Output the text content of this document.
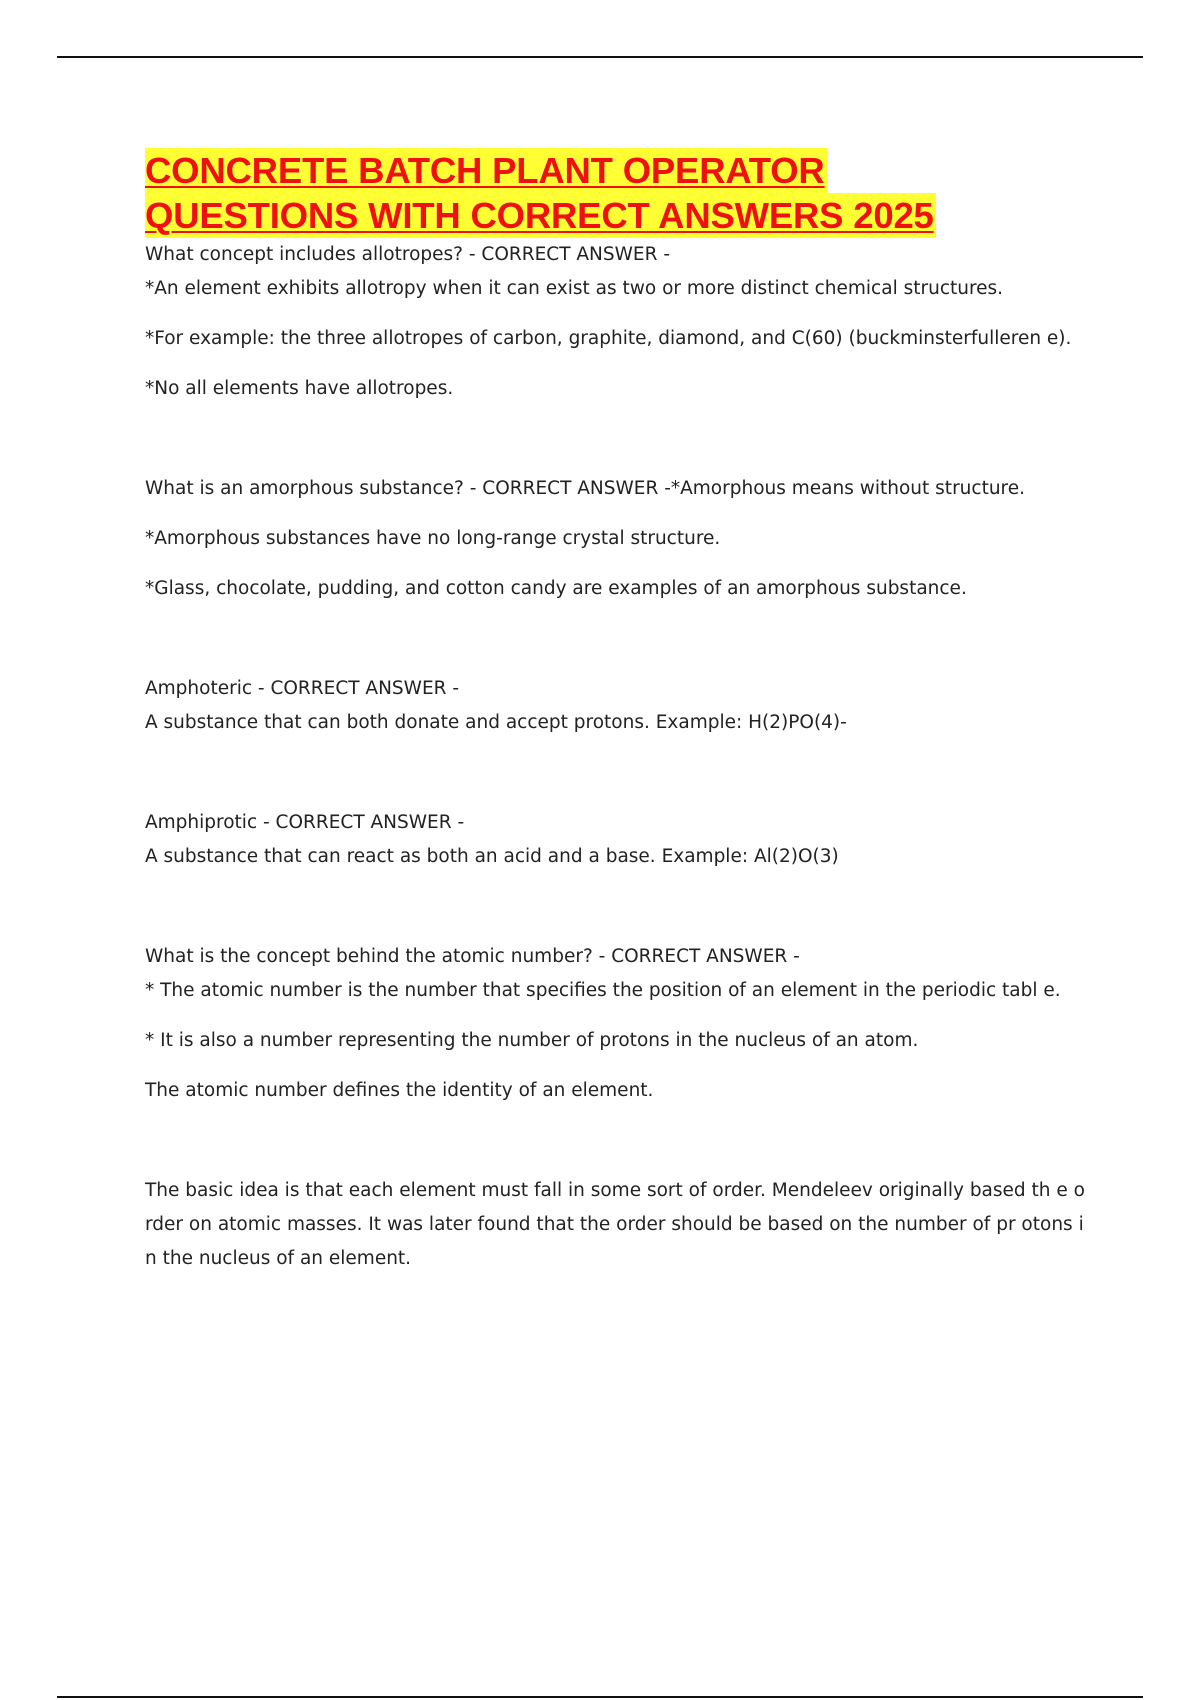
CONCRETE BATCH PLANT OPERATOR
QUESTIONS WITH CORRECT ANSWERS 2025

What concept includes allotropes? - CORRECT ANSWER -

*An element exhibits allotropy when it can exist as two or more distinct chemical structures.

*For example: the three allotropes of carbon, graphite, diamond, and C(60) (buckminsterfulleren e).

*No all elements have allotropes.

What is an amorphous substance? - CORRECT ANSWER -*Amorphous means without structure.

*Amorphous substances have no long-range crystal structure.

*Glass, chocolate, pudding, and cotton candy are examples of an amorphous substance.

Amphoteric - CORRECT ANSWER -

A substance that can both donate and accept protons. Example: H(2)PO(4)-

Amphiprotic - CORRECT ANSWER -

A substance that can react as both an acid and a base. Example: Al(2)O(3)

What is the concept behind the atomic number? - CORRECT ANSWER -

* The atomic number is the number that specifies the position of an element in the periodic tabl e.

* It is also a number representing the number of protons in the nucleus of an atom.

The atomic number defines the identity of an element.

The basic idea is that each element must fall in some sort of order. Mendeleev originally based th e order on atomic masses. It was later found that the order should be based on the number of pr otons in the nucleus of an element.
